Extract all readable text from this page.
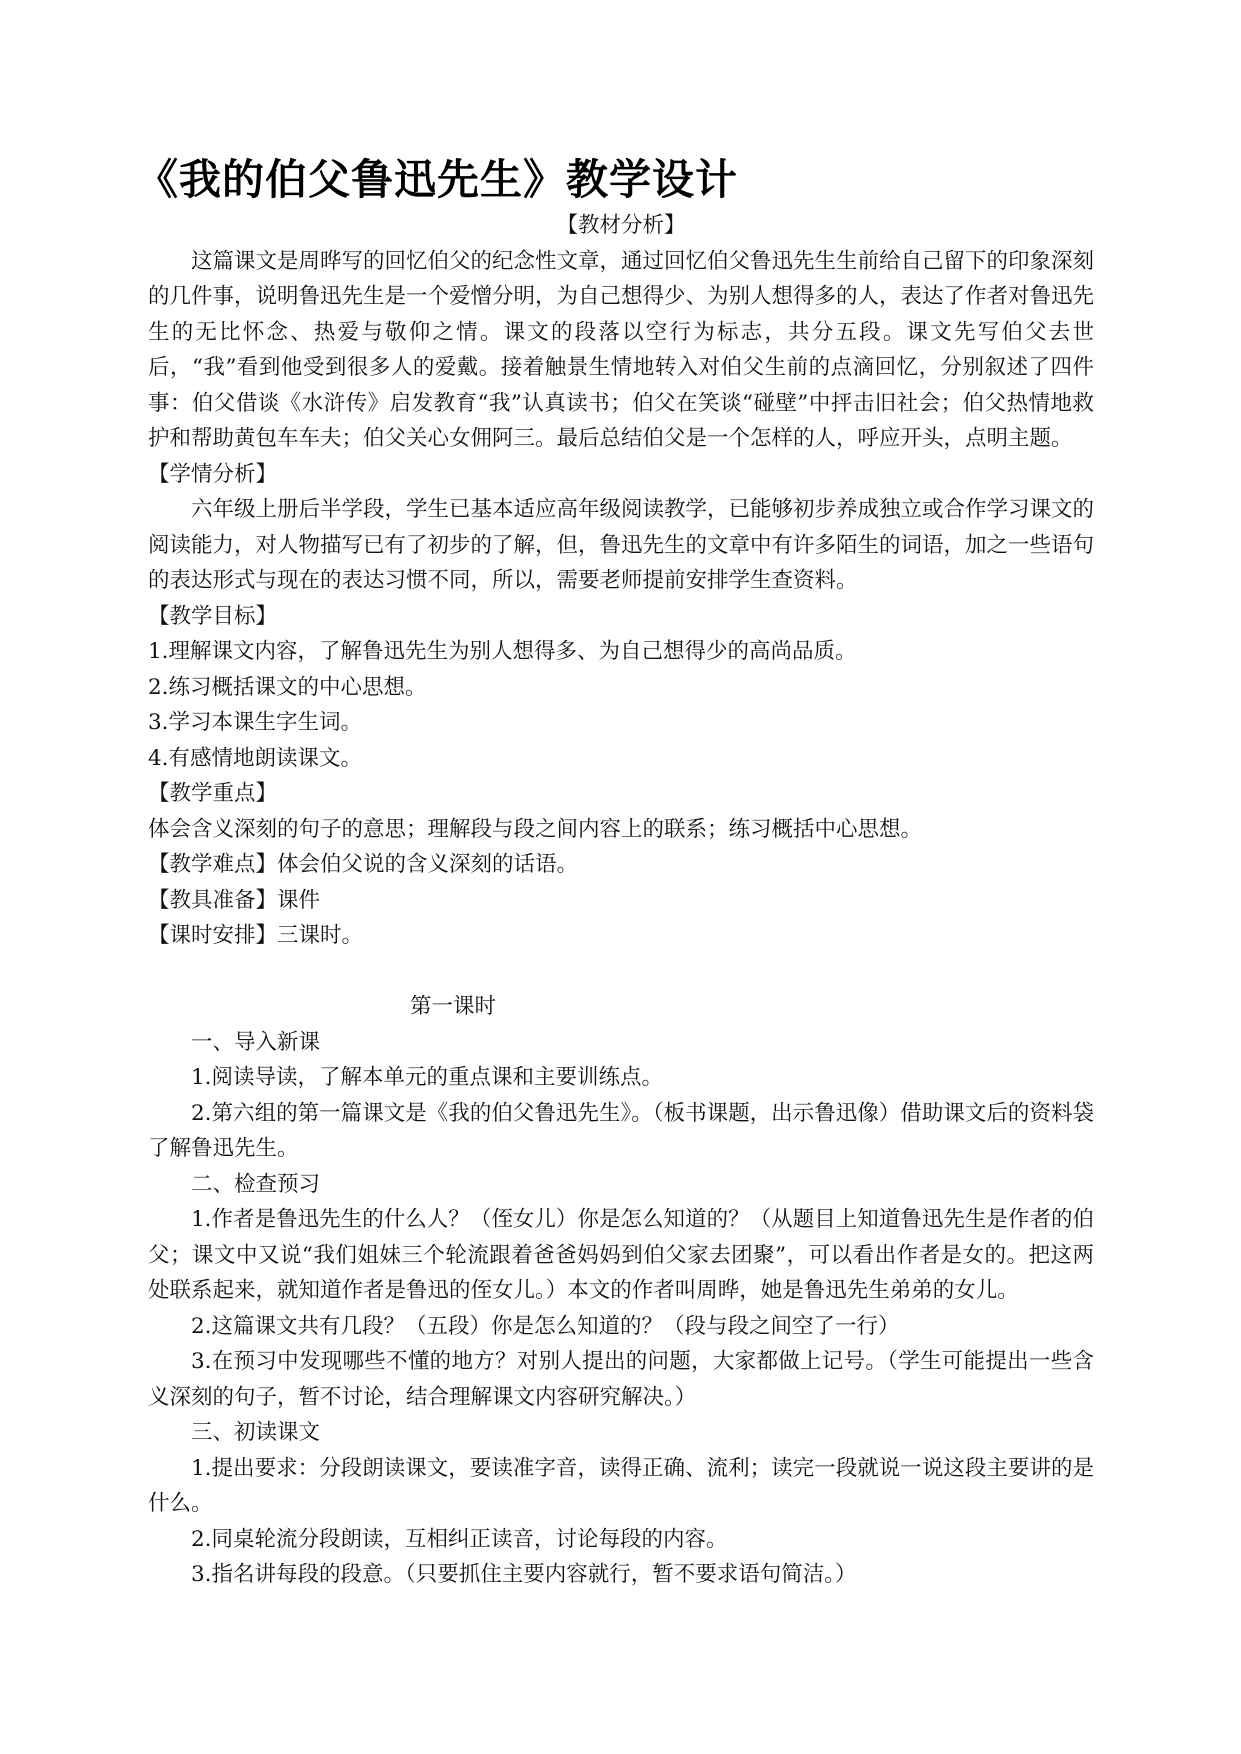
《我的伯父鲁迅先生》教学设计

【教材分析】

这篇课文是周晔写的回忆伯父的纪念性文章，通过回忆伯父鲁迅先生生前给自己留下的印象深刻的几件事，说明鲁迅先生是一个爱憎分明，为自己想得少、为别人想得多的人，表达了作者对鲁迅先生的无比怀念、热爱与敬仰之情。课文的段落以空行为标志，共分五段。课文先写伯父去世后，“我”看到他受到很多人的爱戴。接着触景生情地转入对伯父生前的点滴回忆，分别叙述了四件事：伯父借谈《水浒传》启发教育“我”认真读书；伯父在笑谈“碰壁”中抨击旧社会；伯父热情地救护和帮助黄包车车夫；伯父关心女佣阿三。最后总结伯父是一个怎样的人，呼应开头，点明主题。

【学情分析】

六年级上册后半学段，学生已基本适应高年级阅读教学，已能够初步养成独立或合作学习课文的阅读能力，对人物描写已有了初步的了解，但，鲁迅先生的文章中有许多陌生的词语，加之一些语句的表达形式与现在的表达习惯不同，所以，需要老师提前安排学生查资料。

【教学目标】

1.理解课文内容，了解鲁迅先生为别人想得多、为自己想得少的高尚品质。

2.练习概括课文的中心思想。

3.学习本课生字生词。

4.有感情地朗读课文。

【教学重点】

体会含义深刻的句子的意思；理解段与段之间内容上的联系；练习概括中心思想。

【教学难点】体会伯父说的含义深刻的话语。

【教具准备】课件

【课时安排】三课时。

第一课时

一、导入新课

1.阅读导读，了解本单元的重点课和主要训练点。

2.第六组的第一篇课文是《我的伯父鲁迅先生》。（板书课题，出示鲁迅像）借助课文后的资料袋了解鲁迅先生。

二、检查预习

1.作者是鲁迅先生的什么人？（侄女儿）你是怎么知道的？（从题目上知道鲁迅先生是作者的伯父；课文中又说“我们姐妹三个轮流跟着爸爸妈妈到伯父家去团聚”，可以看出作者是女的。把这两处联系起来，就知道作者是鲁迅的侄女儿。）本文的作者叫周晔，她是鲁迅先生弟弟的女儿。

2.这篇课文共有几段？（五段）你是怎么知道的？（段与段之间空了一行）

3.在预习中发现哪些不懂的地方？对别人提出的问题，大家都做上记号。（学生可能提出一些含义深刻的句子，暂不讨论，结合理解课文内容研究解决。）

三、初读课文

1.提出要求：分段朗读课文，要读准字音，读得正确、流利；读完一段就说一说这段主要讲的是什么。

2.同桌轮流分段朗读，互相纠正读音，讨论每段的内容。

3.指名讲每段的段意。（只要抓住主要内容就行，暂不要求语句简洁。）
